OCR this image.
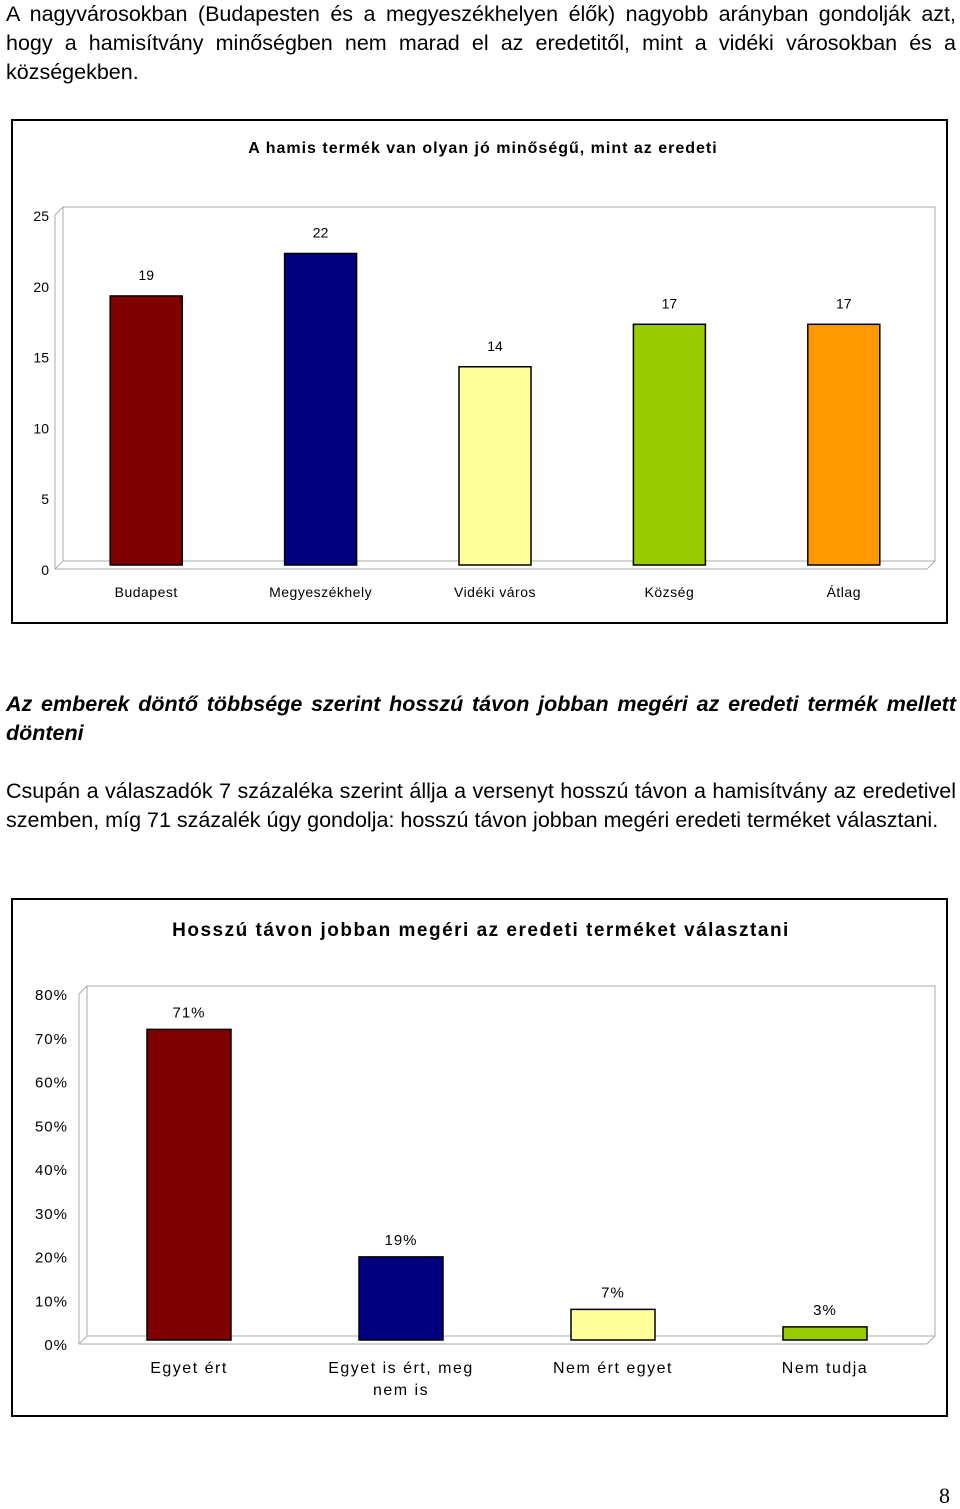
A nagyvárosokban (Budapesten és a megyeszékhelyen élők) nagyobb arányban gondolják azt, hogy a hamisítvány minőségben nem marad el az eredetitől, mint a vidéki városokban és a községekben.

A hamis termék van olyan jó minőségű, mint az eredeti
0
5
10
15
20
25
19
Budapest
22
Megyeszékhely
14
Vidéki város
17
Község
17
Átlag

Az emberek döntő többsége szerint hosszú távon jobban megéri az eredeti termék mellett dönteni

Csupán a válaszadók 7 százaléka szerint állja a versenyt hosszú távon a hamisítvány az eredetivel szemben, míg 71 százalék úgy gondolja: hosszú távon jobban megéri eredeti terméket választani.

Hosszú távon jobban megéri az eredeti terméket választani
0%
10%
20%
30%
40%
50%
60%
70%
80%
71%
Egyet ért
19%
Egyet is ért, meg
nem is
7%
Nem ért egyet
3%
Nem tudja
8
